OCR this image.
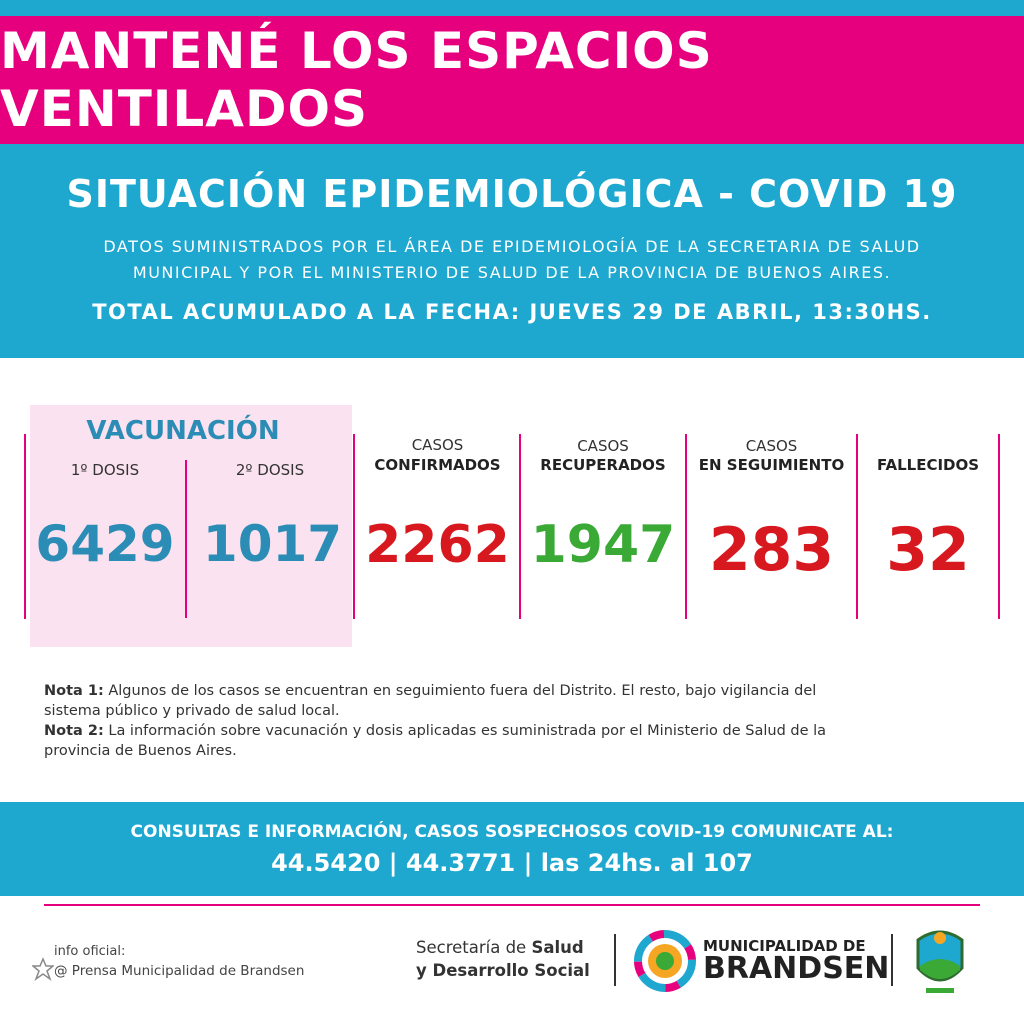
MANTENÉ LOS ESPACIOS VENTILADOS
SITUACIÓN EPIDEMIOLÓGICA - COVID 19
DATOS SUMINISTRADOS POR EL ÁREA DE EPIDEMIOLOGÍA DE LA SECRETARIA DE SALUD
MUNICIPAL Y POR EL MINISTERIO DE SALUD DE LA PROVINCIA DE BUENOS AIRES.
TOTAL ACUMULADO A LA FECHA: JUEVES 29 DE ABRIL, 13:30HS.
VACUNACIÓN
1º DOSIS	2º DOSIS
6429 1017
CASOS
CONFIRMADOS
2262
CASOS
RECUPERADOS
1947
CASOS
EN SEGUIMIENTO
283
FALLECIDOS
32
Nota 1: Algunos de los casos se encuentran en seguimiento fuera del Distrito. El resto, bajo vigilancia del sistema público y privado de salud local.
Nota 2: La información sobre vacunación y dosis aplicadas es suministrada por el Ministerio de Salud de la provincia de Buenos Aires.
CONSULTAS E INFORMACIÓN, CASOS SOSPECHOSOS COVID-19 COMUNICATE AL:
44.5420 | 44.3771 | las 24hs. al 107
info oficial:
@ Prensa Municipalidad de Brandsen
Secretaría de Salud
y Desarrollo Social
MUNICIPALIDAD DE
BRANDSEN
